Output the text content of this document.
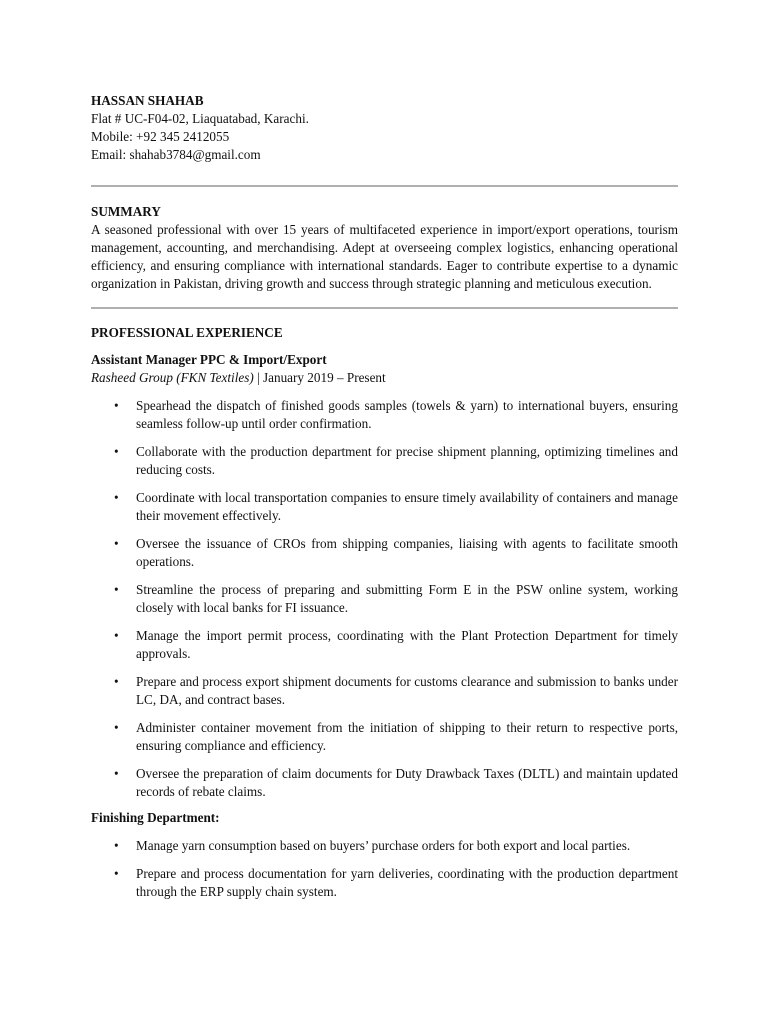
HASSAN SHAHAB
Flat # UC-F04-02, Liaquatabad, Karachi.
Mobile: +92 345 2412055
Email: shahab3784@gmail.com
SUMMARY

A seasoned professional with over 15 years of multifaceted experience in import/export operations, tourism management, accounting, and merchandising. Adept at overseeing complex logistics, enhancing operational efficiency, and ensuring compliance with international standards. Eager to contribute expertise to a dynamic organization in Pakistan, driving growth and success through strategic planning and meticulous execution.

PROFESSIONAL EXPERIENCE
Assistant Manager PPC & Import/Export
Rasheed Group (FKN Textiles) | January 2019 – Present
• Spearhead the dispatch of finished goods samples (towels & yarn) to international buyers, ensuring seamless follow-up until order confirmation.
• Collaborate with the production department for precise shipment planning, optimizing timelines and reducing costs.
• Coordinate with local transportation companies to ensure timely availability of containers and manage their movement effectively.
• Oversee the issuance of CROs from shipping companies, liaising with agents to facilitate smooth operations.
• Streamline the process of preparing and submitting Form E in the PSW online system, working closely with local banks for FI issuance.
• Manage the import permit process, coordinating with the Plant Protection Department for timely approvals.
• Prepare and process export shipment documents for customs clearance and submission to banks under LC, DA, and contract bases.
• Administer container movement from the initiation of shipping to their return to respective ports, ensuring compliance and efficiency.
• Oversee the preparation of claim documents for Duty Drawback Taxes (DLTL) and maintain updated records of rebate claims.
Finishing Department:
• Manage yarn consumption based on buyers’ purchase orders for both export and local parties.
• Prepare and process documentation for yarn deliveries, coordinating with the production department through the ERP supply chain system.
